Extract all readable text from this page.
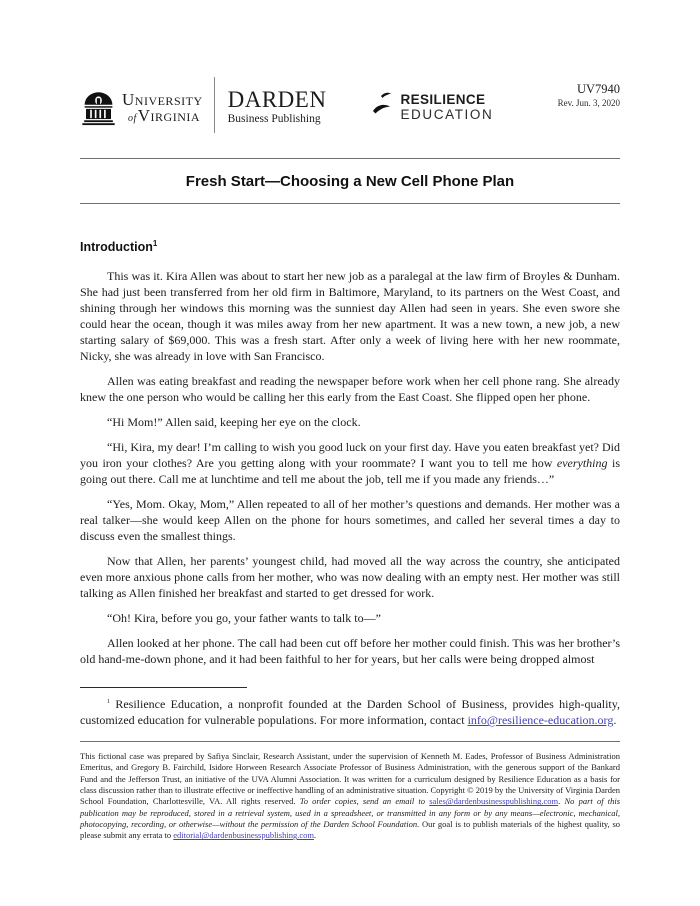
University
ofVirginia
DARDEN
Business Publishing
RESILIENCE
EDUCATION
UV7940
Rev. Jun. 3, 2020
Fresh Start—Choosing a New Cell Phone Plan
Introduction$^1$

This was it. Kira Allen was about to start her new job as a paralegal at the law firm of Broyles & Dunham. She had just been transferred from her old firm in Baltimore, Maryland, to its partners on the West Coast, and shining through her windows this morning was the sunniest day Allen had seen in years. She even swore she could hear the ocean, though it was miles away from her new apartment. It was a new town, a new job, a new starting salary of $69,000. This was a fresh start. After only a week of living here with her new roommate, Nicky, she was already in love with San Francisco.

Allen was eating breakfast and reading the newspaper before work when her cell phone rang. She already knew the one person who would be calling her this early from the East Coast. She flipped open her phone.

“Hi Mom!” Allen said, keeping her eye on the clock.

“Hi, Kira, my dear! I’m calling to wish you good luck on your first day. Have you eaten breakfast yet? Did you iron your clothes? Are you getting along with your roommate? I want you to tell me how everything is going out there. Call me at lunchtime and tell me about the job, tell me if you made any friends…”

“Yes, Mom. Okay, Mom,” Allen repeated to all of her mother’s questions and demands. Her mother was a real talker—she would keep Allen on the phone for hours sometimes, and called her several times a day to discuss even the smallest things.

Now that Allen, her parents’ youngest child, had moved all the way across the country, she anticipated even more anxious phone calls from her mother, who was now dealing with an empty nest. Her mother was still talking as Allen finished her breakfast and started to get dressed for work.

“Oh! Kira, before you go, your father wants to talk to—”

Allen looked at her phone. The call had been cut off before her mother could finish. This was her brother’s old hand-me-down phone, and it had been faithful to her for years, but her calls were being dropped almost

$^1$ Resilience Education, a nonprofit founded at the Darden School of Business, provides high-quality, customized education for vulnerable populations. For more information, contact info@resilience-education.org.

This fictional case was prepared by Safiya Sinclair, Research Assistant, under the supervision of Kenneth M. Eades, Professor of Business Administration Emeritus, and Gregory B. Fairchild, Isidore Horween Research Associate Professor of Business Administration, with the generous support of the Bankard Fund and the Jefferson Trust, an initiative of the UVA Alumni Association. It was written for a curriculum designed by Resilience Education as a basis for class discussion rather than to illustrate effective or ineffective handling of an administrative situation. Copyright © 2019 by the University of Virginia Darden School Foundation, Charlottesville, VA. All rights reserved. To order copies, send an email to sales@dardenbusinesspublishing.com. No part of this publication may be reproduced, stored in a retrieval system, used in a spreadsheet, or transmitted in any form or by any means—electronic, mechanical, photocopying, recording, or otherwise—without the permission of the Darden School Foundation. Our goal is to publish materials of the highest quality, so please submit any errata to editorial@dardenbusinesspublishing.com.
